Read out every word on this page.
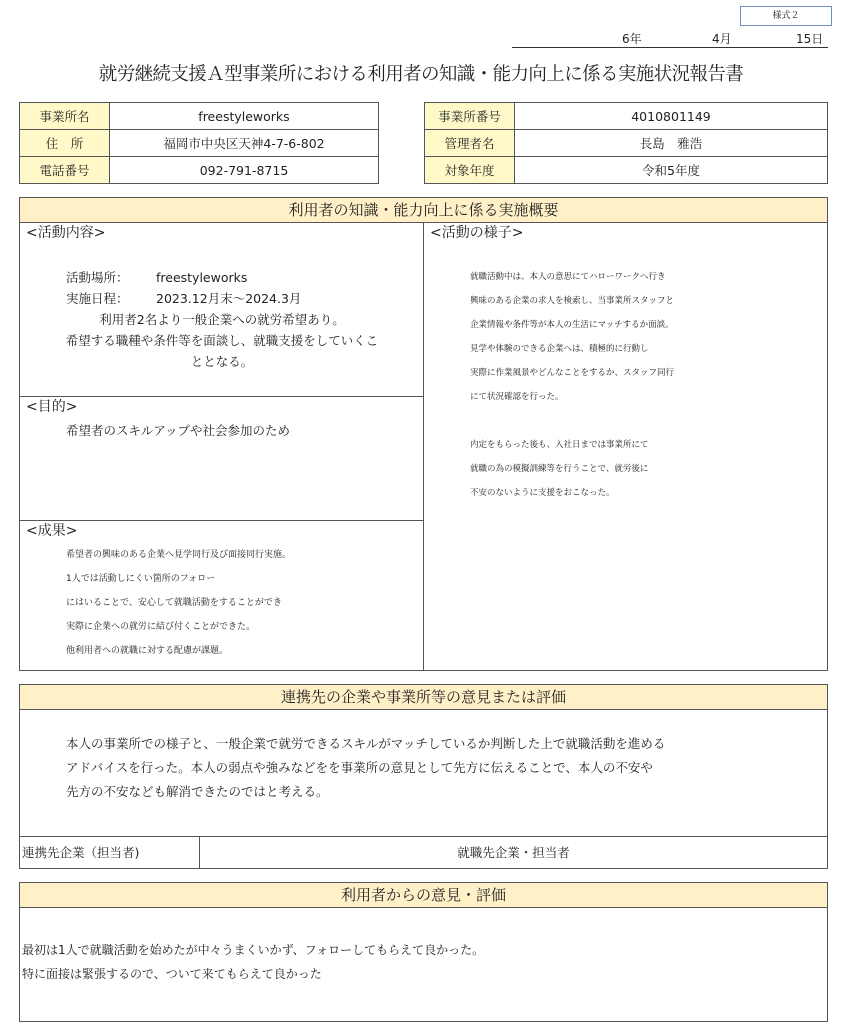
様式２
6年	4月	15日
就労継続支援Ａ型事業所における利用者の知識・能力向上に係る実施状況報告書
事業所名	freestyleworks
住　所	福岡市中央区天神4-7-6-802
電話番号	092-791-8715
事業所番号	4010801149
管理者名	長島　雅浩
対象年度	令和5年度
利用者の知識・能力向上に係る実施概要
<活動内容>
活動場所： freestyleworks
実施日程： 2023.12月末～2024.3月
利用者2名より一般企業への就労希望あり。
希望する職種や条件等を面談し、就職支援をしていくこ
ととなる。
<目的>
希望者のスキルアップや社会参加のため
<成果>
希望者の興味のある企業へ見学同行及び面接同行実施。
1人では活動しにくい箇所のフォロー
にはいることで、安心して就職活動をすることができ
実際に企業への就労に結び付くことができた。
他利用者への就職に対する配慮が課題。
<活動の様子>
就職活動中は、本人の意思にてハローワークへ行き
興味のある企業の求人を検索し、当事業所スタッフと
企業情報や条件等が本人の生活にマッチするか面談。
見学や体験のできる企業へは、積極的に行動し
実際に作業風景やどんなことをするか、スタッフ同行
にて状況確認を行った。
内定をもらった後も、入社日までは事業所にて
就職の為の模擬訓練等を行うことで、就労後に
不安のないように支援をおこなった。
連携先の企業や事業所等の意見または評価
本人の事業所での様子と、一般企業で就労できるスキルがマッチしているか判断した上で就職活動を進める
アドバイスを行った。本人の弱点や強みなどをを事業所の意見として先方に伝えることで、本人の不安や
先方の不安なども解消できたのではと考える。
連携先企業（担当者)	就職先企業・担当者
利用者からの意見・評価
最初は1人で就職活動を始めたが中々うまくいかず、フォローしてもらえて良かった。
特に面接は緊張するので、ついて来てもらえて良かった
